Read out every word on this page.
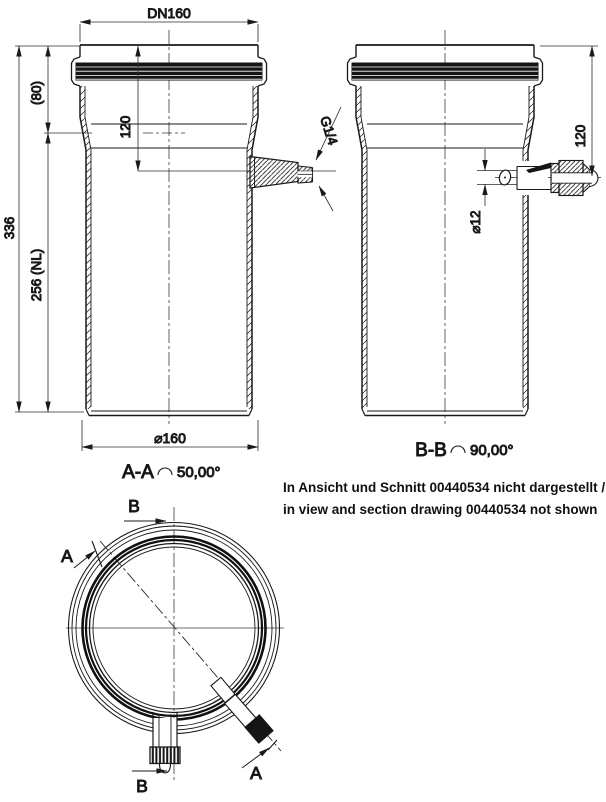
G1/4
DN160
336
(80)
256 (NL)
120
⌀160
A-A 50,00°
⌀12
120
B-B 90,00°
In Ansicht und Schnitt 00440534 nicht dargestellt /
in view and section drawing 00440534 not shown
A
A
B
B
